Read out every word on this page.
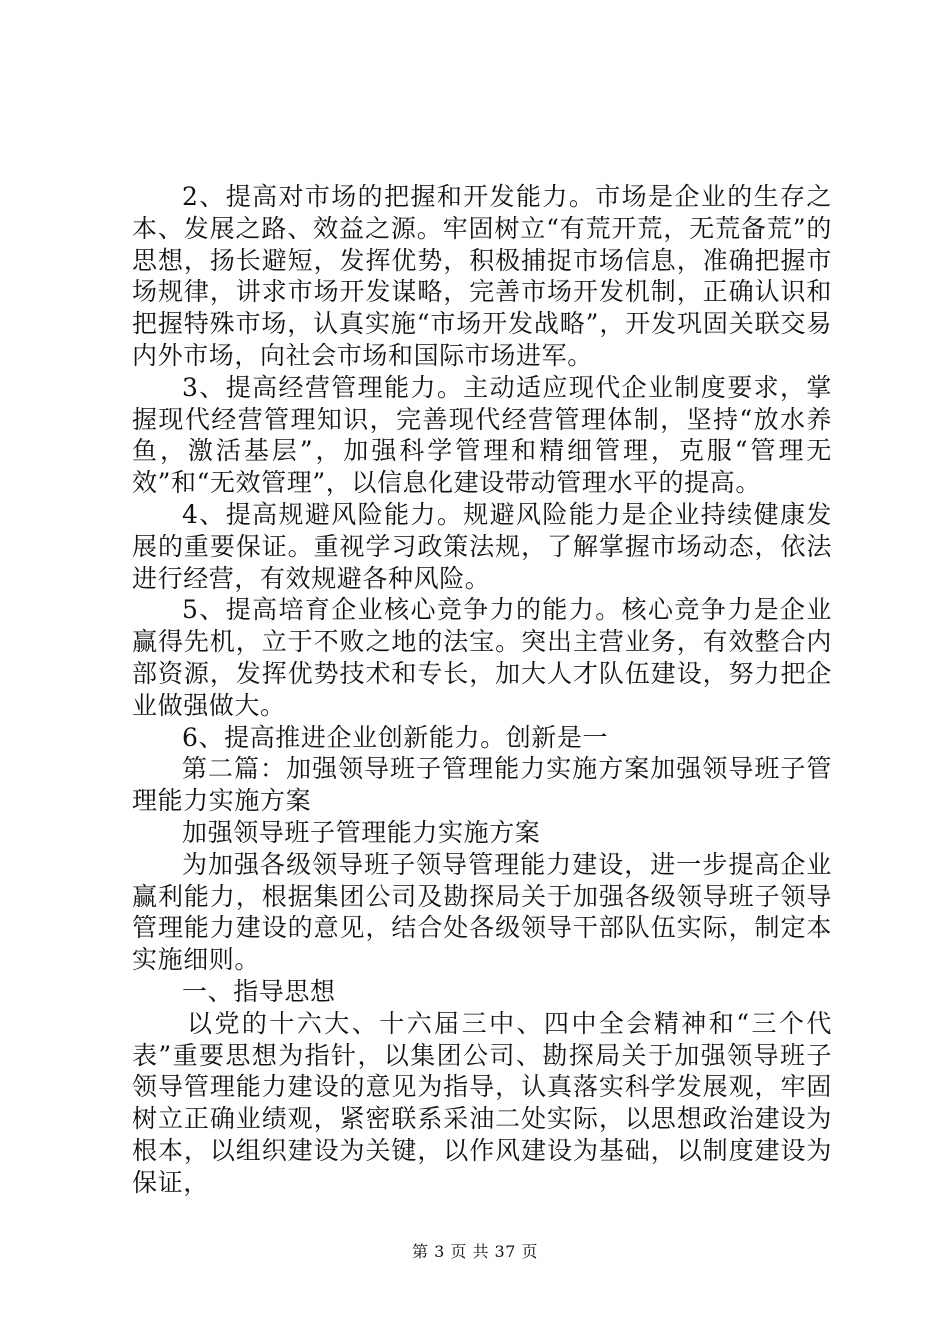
2、提高对市场的把握和开发能力。市场是企业的生存之本、发展之路、效益之源。牢固树立“有荒开荒，无荒备荒”的思想，扬长避短，发挥优势，积极捕捉市场信息，准确把握市场规律，讲求市场开发谋略，完善市场开发机制，正确认识和把握特殊市场，认真实施“市场开发战略”，开发巩固关联交易内外市场，向社会市场和国际市场进军。

3、提高经营管理能力。主动适应现代企业制度要求，掌握现代经营管理知识，完善现代经营管理体制，坚持“放水养鱼，激活基层”，加强科学管理和精细管理，克服“管理无效”和“无效管理”，以信息化建设带动管理水平的提高。

4、提高规避风险能力。规避风险能力是企业持续健康发展的重要保证。重视学习政策法规，了解掌握市场动态，依法进行经营，有效规避各种风险。

5、提高培育企业核心竞争力的能力。核心竞争力是企业赢得先机，立于不败之地的法宝。突出主营业务，有效整合内部资源，发挥优势技术和专长，加大人才队伍建设，努力把企业做强做大。

6、提高推进企业创新能力。创新是一

第二篇：加强领导班子管理能力实施方案加强领导班子管理能力实施方案

加强领导班子管理能力实施方案

为加强各级领导班子领导管理能力建设，进一步提高企业赢利能力，根据集团公司及勘探局关于加强各级领导班子领导管理能力建设的意见，结合处各级领导干部队伍实际，制定本实施细则。

一、指导思想

以党的十六大、十六届三中、四中全会精神和“三个代表”重要思想为指针，以集团公司、勘探局关于加强领导班子领导管理能力建设的意见为指导，认真落实科学发展观，牢固树立正确业绩观，紧密联系采油二处实际，以思想政治建设为根本，以组织建设为关键，以作风建设为基础，以制度建设为保证，

第 3 页 共 37 页
